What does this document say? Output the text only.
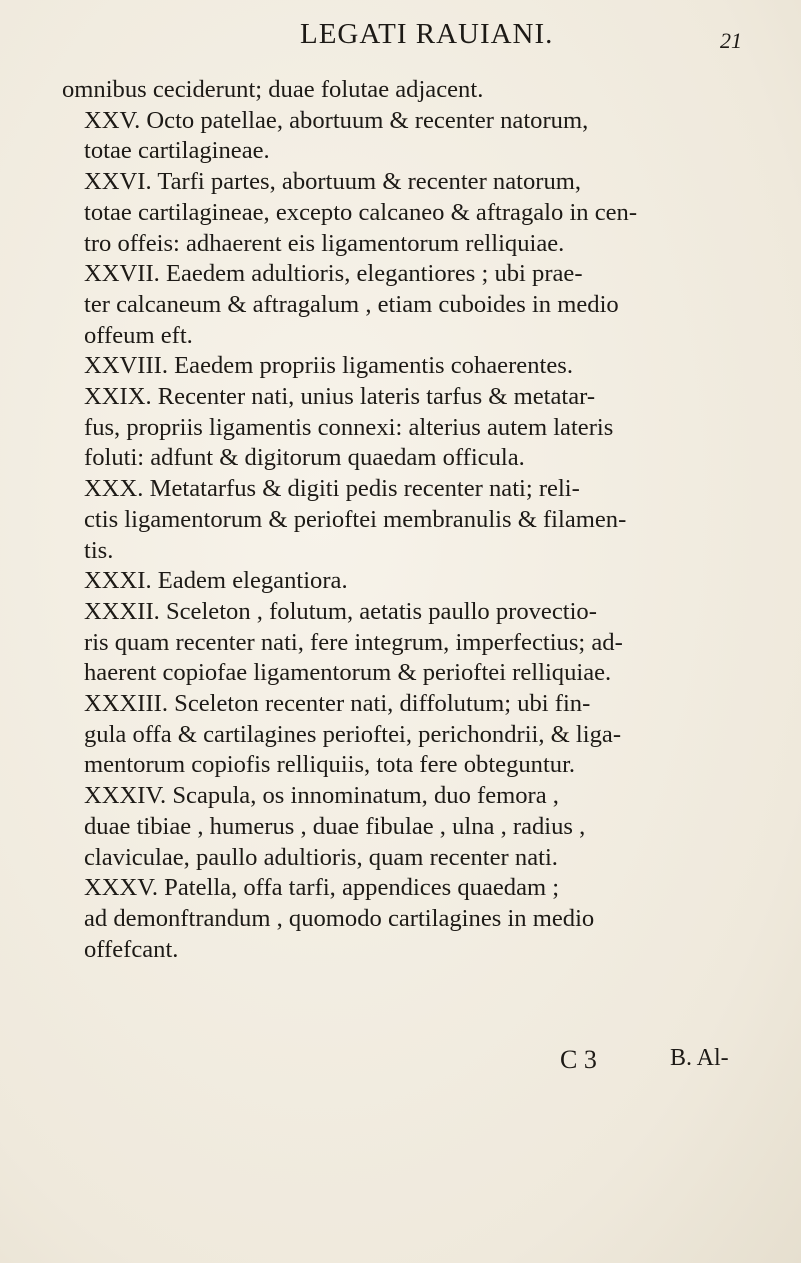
LEGATI RAUIANI.	21

omnibus ceciderunt; duae folutae adjacent.

XXV. Octo patellae, abortuum & recenter natorum,
totae cartilagineae.

XXVI. Tarfi partes, abortuum & recenter natorum,
totae cartilagineae, excepto calcaneo & aftragalo in cen-
tro offeis: adhaerent eis ligamentorum relliquiae.

XXVII. Eaedem adultioris, elegantiores ; ubi prae-
ter calcaneum & aftragalum , etiam cuboides in medio
offeum eft.

XXVIII. Eaedem propriis ligamentis cohaerentes.

XXIX. Recenter nati, unius lateris tarfus & metatar-
fus, propriis ligamentis connexi: alterius autem lateris
foluti: adfunt & digitorum quaedam officula.

XXX. Metatarfus & digiti pedis recenter nati; reli-
ctis ligamentorum & perioftei membranulis & filamen-
tis.

XXXI. Eadem elegantiora.

XXXII. Sceleton , folutum, aetatis paullo provectio-
ris quam recenter nati, fere integrum, imperfectius; ad-
haerent copiofae ligamentorum & perioftei relliquiae.

XXXIII. Sceleton recenter nati, diffolutum; ubi fin-
gula offa & cartilagines perioftei, perichondrii, & liga-
mentorum copiofis relliquiis, tota fere obteguntur.

XXXIV. Scapula, os innominatum, duo femora ,
duae tibiae , humerus , duae fibulae , ulna , radius ,
claviculae, paullo adultioris, quam recenter nati.

XXXV. Patella, offa tarfi, appendices quaedam ;
ad demonftrandum , quomodo cartilagines in medio
offefcant.

C 3	B. Al-
